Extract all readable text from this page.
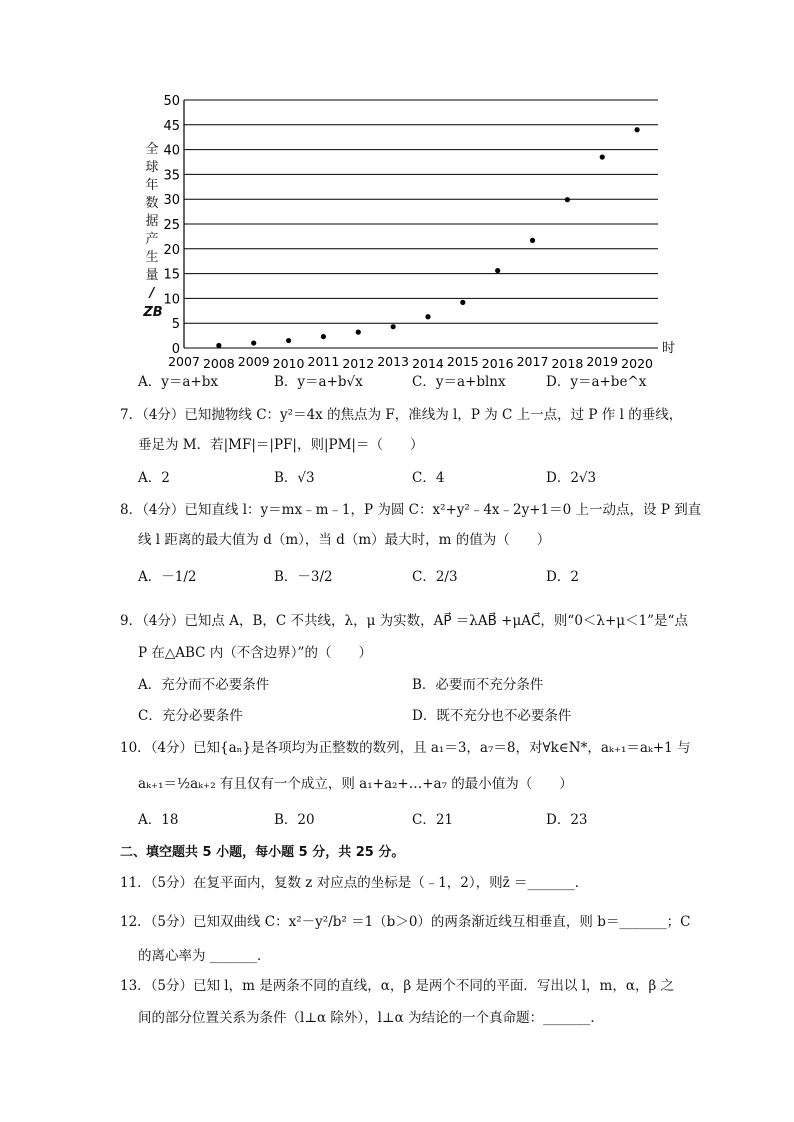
0
5
10
15
20
25
30
35
40
45
50
2007 2008 2009 2010 2011 2012 2013 2014 2015 2016 2017 2018 2019 2020
时
全
球
年
数
据
产
生
量
/
ZB
A．y＝a+bx	B．y＝a+b√x	C．y＝a+blnx	D．y＝a+be^x
7．（4分）已知抛物线 C：y²＝4x 的焦点为 F，准线为 l，P 为 C 上一点，过 P 作 l 的垂线，
垂足为 M．若|MF|＝|PF|，则|PM|＝（　　）
A．2	B．√3	C．4	D．2√3
8．（4分）已知直线 l：y＝mx﹣m﹣1，P 为圆 C：x²+y²﹣4x﹣2y+1＝0 上一动点，设 P 到直
线 l 距离的最大值为 d（m），当 d（m）最大时，m 的值为（　　）
A．－1/2	B．－3/2	C．2/3	D．2
9．（4分）已知点 A，B，C 不共线，λ，μ 为实数，AP⃗ ＝λAB⃗ +μAC⃗，则“0＜λ+μ＜1”是“点
P 在△ABC 内（不含边界）”的（　　）
A．充分而不必要条件	B．必要而不充分条件
C．充分必要条件	D．既不充分也不必要条件
10．（4分）已知{aₙ}是各项均为正整数的数列，且 a₁＝3，a₇＝8，对∀k∈N*，aₖ₊₁＝aₖ+1 与
aₖ₊₁＝½aₖ₊₂ 有且仅有一个成立，则 a₁+a₂+…+a₇ 的最小值为（　　）
A．18	B．20	C．21	D．23
二、填空题共 5 小题，每小题 5 分，共 25 分。
11．（5分）在复平面内，复数 z 对应点的坐标是（﹣1，2），则z̄ ＝_______．
12．（5分）已知双曲线 C：x²－y²/b² ＝1（b＞0）的两条渐近线互相垂直，则 b＝_______；C
的离心率为 _______．
13．（5分）已知 l，m 是两条不同的直线，α，β 是两个不同的平面．写出以 l，m，α，β 之
间的部分位置关系为条件（l⊥α 除外），l⊥α 为结论的一个真命题：_______．
